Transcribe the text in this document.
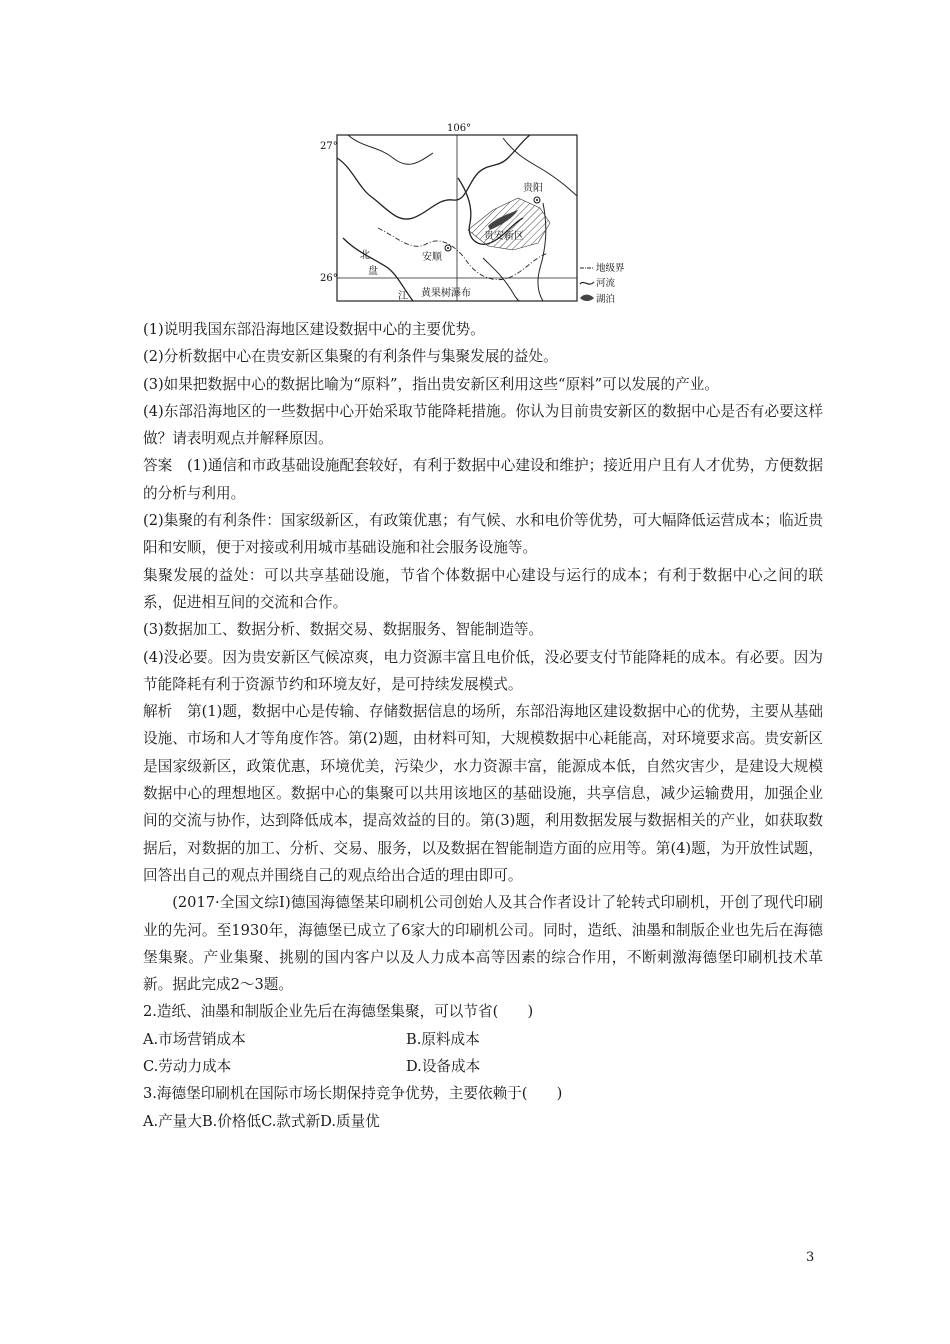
106°
27°
26°
贵阳
安顺
贵安新区
北
盘
江 黄果树瀑布
地级界
河流
湖泊

(1)说明我国东部沿海地区建设数据中心的主要优势。

(2)分析数据中心在贵安新区集聚的有利条件与集聚发展的益处。

(3)如果把数据中心的数据比喻为“原料”，指出贵安新区利用这些“原料”可以发展的产业。

(4)东部沿海地区的一些数据中心开始采取节能降耗措施。你认为目前贵安新区的数据中心是否有必要这样做？请表明观点并解释原因。

答案　 (1)通信和市政基础设施配套较好，有利于数据中心建设和维护；接近用户且有人才优势，方便数据的分析与利用。

(2)集聚的有利条件：国家级新区，有政策优惠；有气候、水和电价等优势，可大幅降低运营成本；临近贵阳和安顺，便于对接或利用城市基础设施和社会服务设施等。

集聚发展的益处：可以共享基础设施，节省个体数据中心建设与运行的成本；有利于数据中心之间的联系，促进相互间的交流和合作。

(3)数据加工、数据分析、数据交易、数据服务、智能制造等。

(4)没必要。因为贵安新区气候凉爽，电力资源丰富且电价低，没必要支付节能降耗的成本。有必要。因为节能降耗有利于资源节约和环境友好，是可持续发展模式。

解析　 第(1)题，数据中心是传输、存储数据信息的场所，东部沿海地区建设数据中心的优势，主要从基础设施、市场和人才等角度作答。第(2)题，由材料可知，大规模数据中心耗能高，对环境要求高。贵安新区是国家级新区，政策优惠，环境优美，污染少，水力资源丰富，能源成本低，自然灾害少，是建设大规模数据中心的理想地区。数据中心的集聚可以共用该地区的基础设施，共享信息，减少运输费用，加强企业间的交流与协作，达到降低成本，提高效益的目的。第(3)题，利用数据发展与数据相关的产业，如获取数据后，对数据的加工、分析、交易、服务，以及数据在智能制造方面的应用等。第(4)题，为开放性试题，回答出自己的观点并围绕自己的观点给出合适的理由即可。

(2017·全国文综Ⅰ)德国海德堡某印刷机公司创始人及其合作者设计了轮转式印刷机，开创了现代印刷业的先河。至1930年，海德堡已成立了6家大的印刷机公司。同时，造纸、油墨和制版企业也先后在海德堡集聚。产业集聚、挑剔的国内客户以及人力成本高等因素的综合作用，不断刺激海德堡印刷机技术革新。据此完成2～3题。

2.造纸、油墨和制版企业先后在海德堡集聚，可以节省(　　)

A.市场营销成本	B.原料成本
C.劳动力成本	D.设备成本

3.海德堡印刷机在国际市场长期保持竞争优势，主要依赖于(　　)

A.产量大B.价格低C.款式新D.质量优

3
